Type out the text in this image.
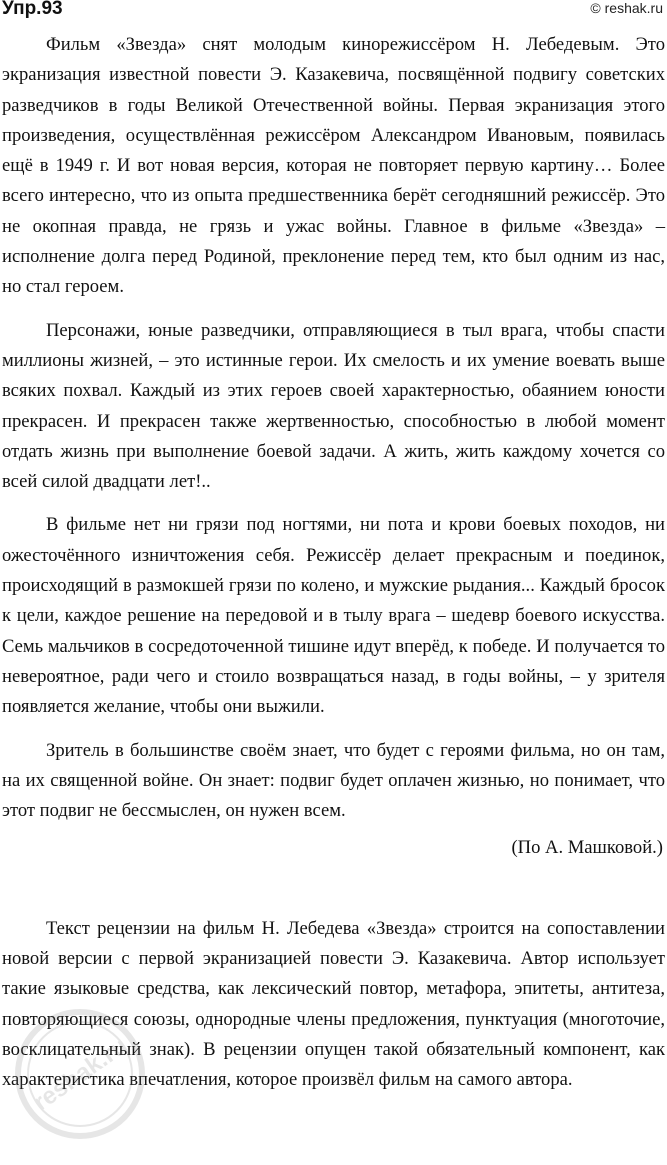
Упр.93	© reshak.ru

Фильм «Звезда» снят молодым кинорежиссёром Н. Лебедевым. Это экранизация известной повести Э. Казакевича, посвящённой подвигу советских разведчиков в годы Великой Отечественной войны. Первая экранизация этого произведения, осуществлённая режиссёром Александром Ивановым, появилась ещё в 1949 г. И вот новая версия, которая не повторяет первую картину… Более всего интересно, что из опыта предшественника берёт сегодняшний режиссёр. Это не окопная правда, не грязь и ужас войны. Главное в фильме «Звезда» – исполнение долга перед Родиной, преклонение перед тем, кто был одним из нас, но стал героем.

Персонажи, юные разведчики, отправляющиеся в тыл врага, чтобы спасти миллионы жизней, – это истинные герои. Их смелость и их умение воевать выше всяких похвал. Каждый из этих героев своей характерностью, обаянием юности прекрасен. И прекрасен также жертвенностью, способностью в любой момент отдать жизнь при выполнение боевой задачи. А жить, жить каждому хочется со всей силой двадцати лет!..

В фильме нет ни грязи под ногтями, ни пота и крови боевых походов, ни ожесточённого изничтожения себя. Режиссёр делает прекрасным и поединок, происходящий в размокшей грязи по колено, и мужские рыдания... Каждый бросок к цели, каждое решение на передовой и в тылу врага – шедевр боевого искусства. Семь мальчиков в сосредоточенной тишине идут вперёд, к победе. И получается то невероятное, ради чего и стоило возвращаться назад, в годы войны, – у зрителя появляется желание, чтобы они выжили.

Зритель в большинстве своём знает, что будет с героями фильма, но он там, на их священной войне. Он знает: подвиг будет оплачен жизнью, но понимает, что этот подвиг не бессмыслен, он нужен всем.

(По А. Машковой.)

Текст рецензии на фильм Н. Лебедева «Звезда» строится на сопоставлении новой версии с первой экранизацией повести Э. Казакевича. Автор использует такие языковые средства, как лексический повтор, метафора, эпитеты, антитеза, повторяющиеся союзы, однородные члены предложения, пунктуация (многоточие, восклицательный знак). В рецензии опущен такой обязательный компонент, как характеристика впечатления, которое произвёл фильм на самого автора.

reshak.ru
